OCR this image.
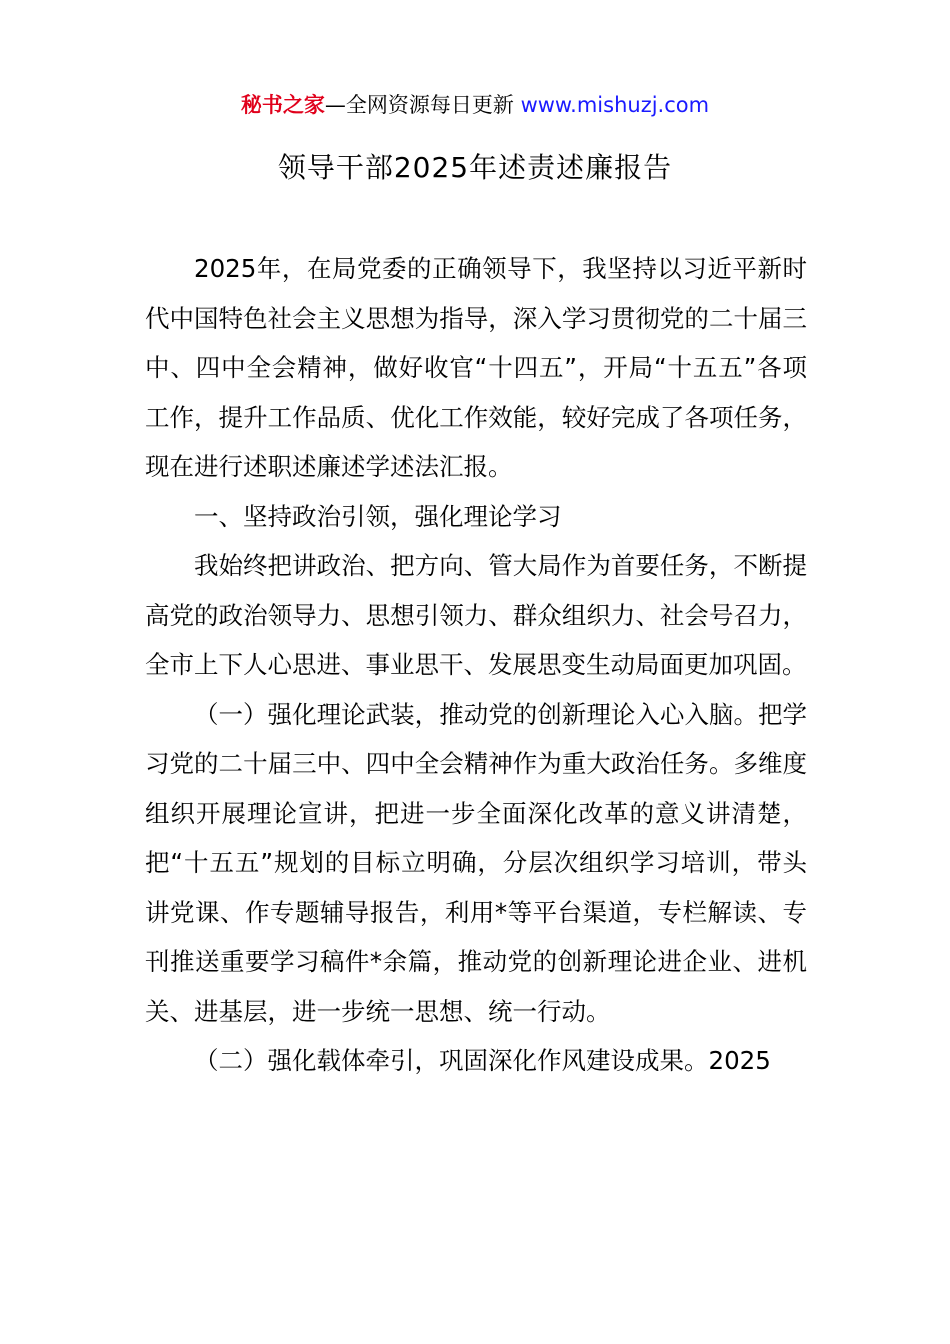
秘书之家—全网资源每日更新 www.mishuzj.com
领导干部2025年述责述廉报告

2025年，在局党委的正确领导下，我坚持以习近平新时代中国特色社会主义思想为指导，深入学习贯彻党的二十届三中、四中全会精神，做好收官“十四五”，开局“十五五”各项工作，提升工作品质、优化工作效能，较好完成了各项任务，现在进行述职述廉述学述法汇报。

一、坚持政治引领，强化理论学习

我始终把讲政治、把方向、管大局作为首要任务，不断提高党的政治领导力、思想引领力、群众组织力、社会号召力，全市上下人心思进、事业思干、发展思变生动局面更加巩固。

（一）强化理论武装，推动党的创新理论入心入脑。把学习党的二十届三中、四中全会精神作为重大政治任务。多维度组织开展理论宣讲，把进一步全面深化改革的意义讲清楚，把“十五五”规划的目标立明确，分层次组织学习培训，带头讲党课、作专题辅导报告，利用*等平台渠道，专栏解读、专刊推送重要学习稿件*余篇，推动党的创新理论进企业、进机关、进基层，进一步统一思想、统一行动。

（二）强化载体牵引，巩固深化作风建设成果。2025
